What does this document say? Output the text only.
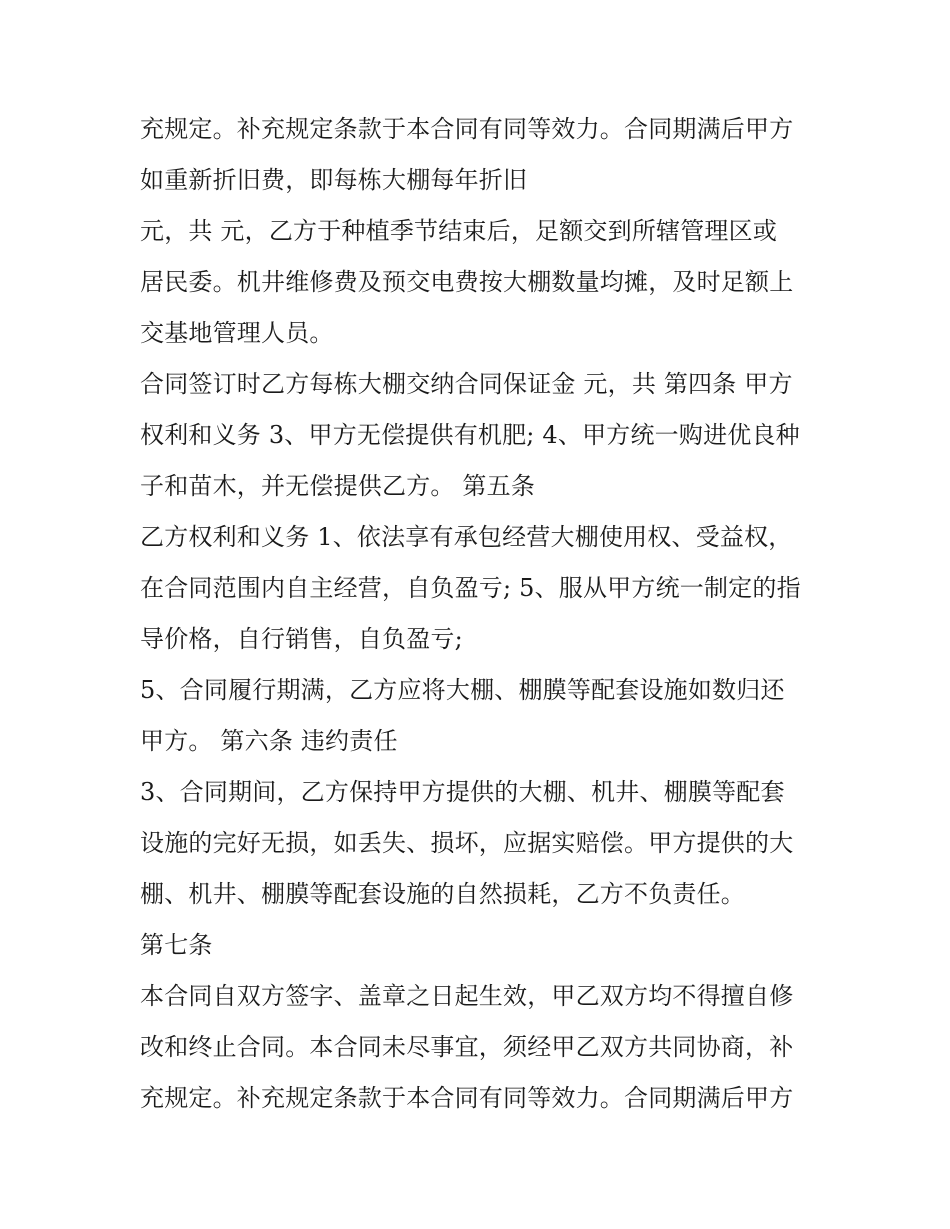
充规定。补充规定条款于本合同有同等效力。合同期满后甲方
如重新折旧费，即每栋大棚每年折旧
元，共 元，乙方于种植季节结束后，足额交到所辖管理区或
居民委。机井维修费及预交电费按大棚数量均摊，及时足额上
交基地管理人员。
合同签订时乙方每栋大棚交纳合同保证金 元，共 第四条 甲方
权利和义务 3、甲方无偿提供有机肥; 4、甲方统一购进优良种
子和苗木，并无偿提供乙方。 第五条
乙方权利和义务 1、依法享有承包经营大棚使用权、受益权，
在合同范围内自主经营，自负盈亏; 5、服从甲方统一制定的指
导价格，自行销售，自负盈亏;
5、合同履行期满，乙方应将大棚、棚膜等配套设施如数归还
甲方。 第六条 违约责任
3、合同期间，乙方保持甲方提供的大棚、机井、棚膜等配套
设施的完好无损，如丢失、损坏，应据实赔偿。甲方提供的大
棚、机井、棚膜等配套设施的自然损耗，乙方不负责任。
第七条
本合同自双方签字、盖章之日起生效，甲乙双方均不得擅自修
改和终止合同。本合同未尽事宜，须经甲乙双方共同协商，补
充规定。补充规定条款于本合同有同等效力。合同期满后甲方
